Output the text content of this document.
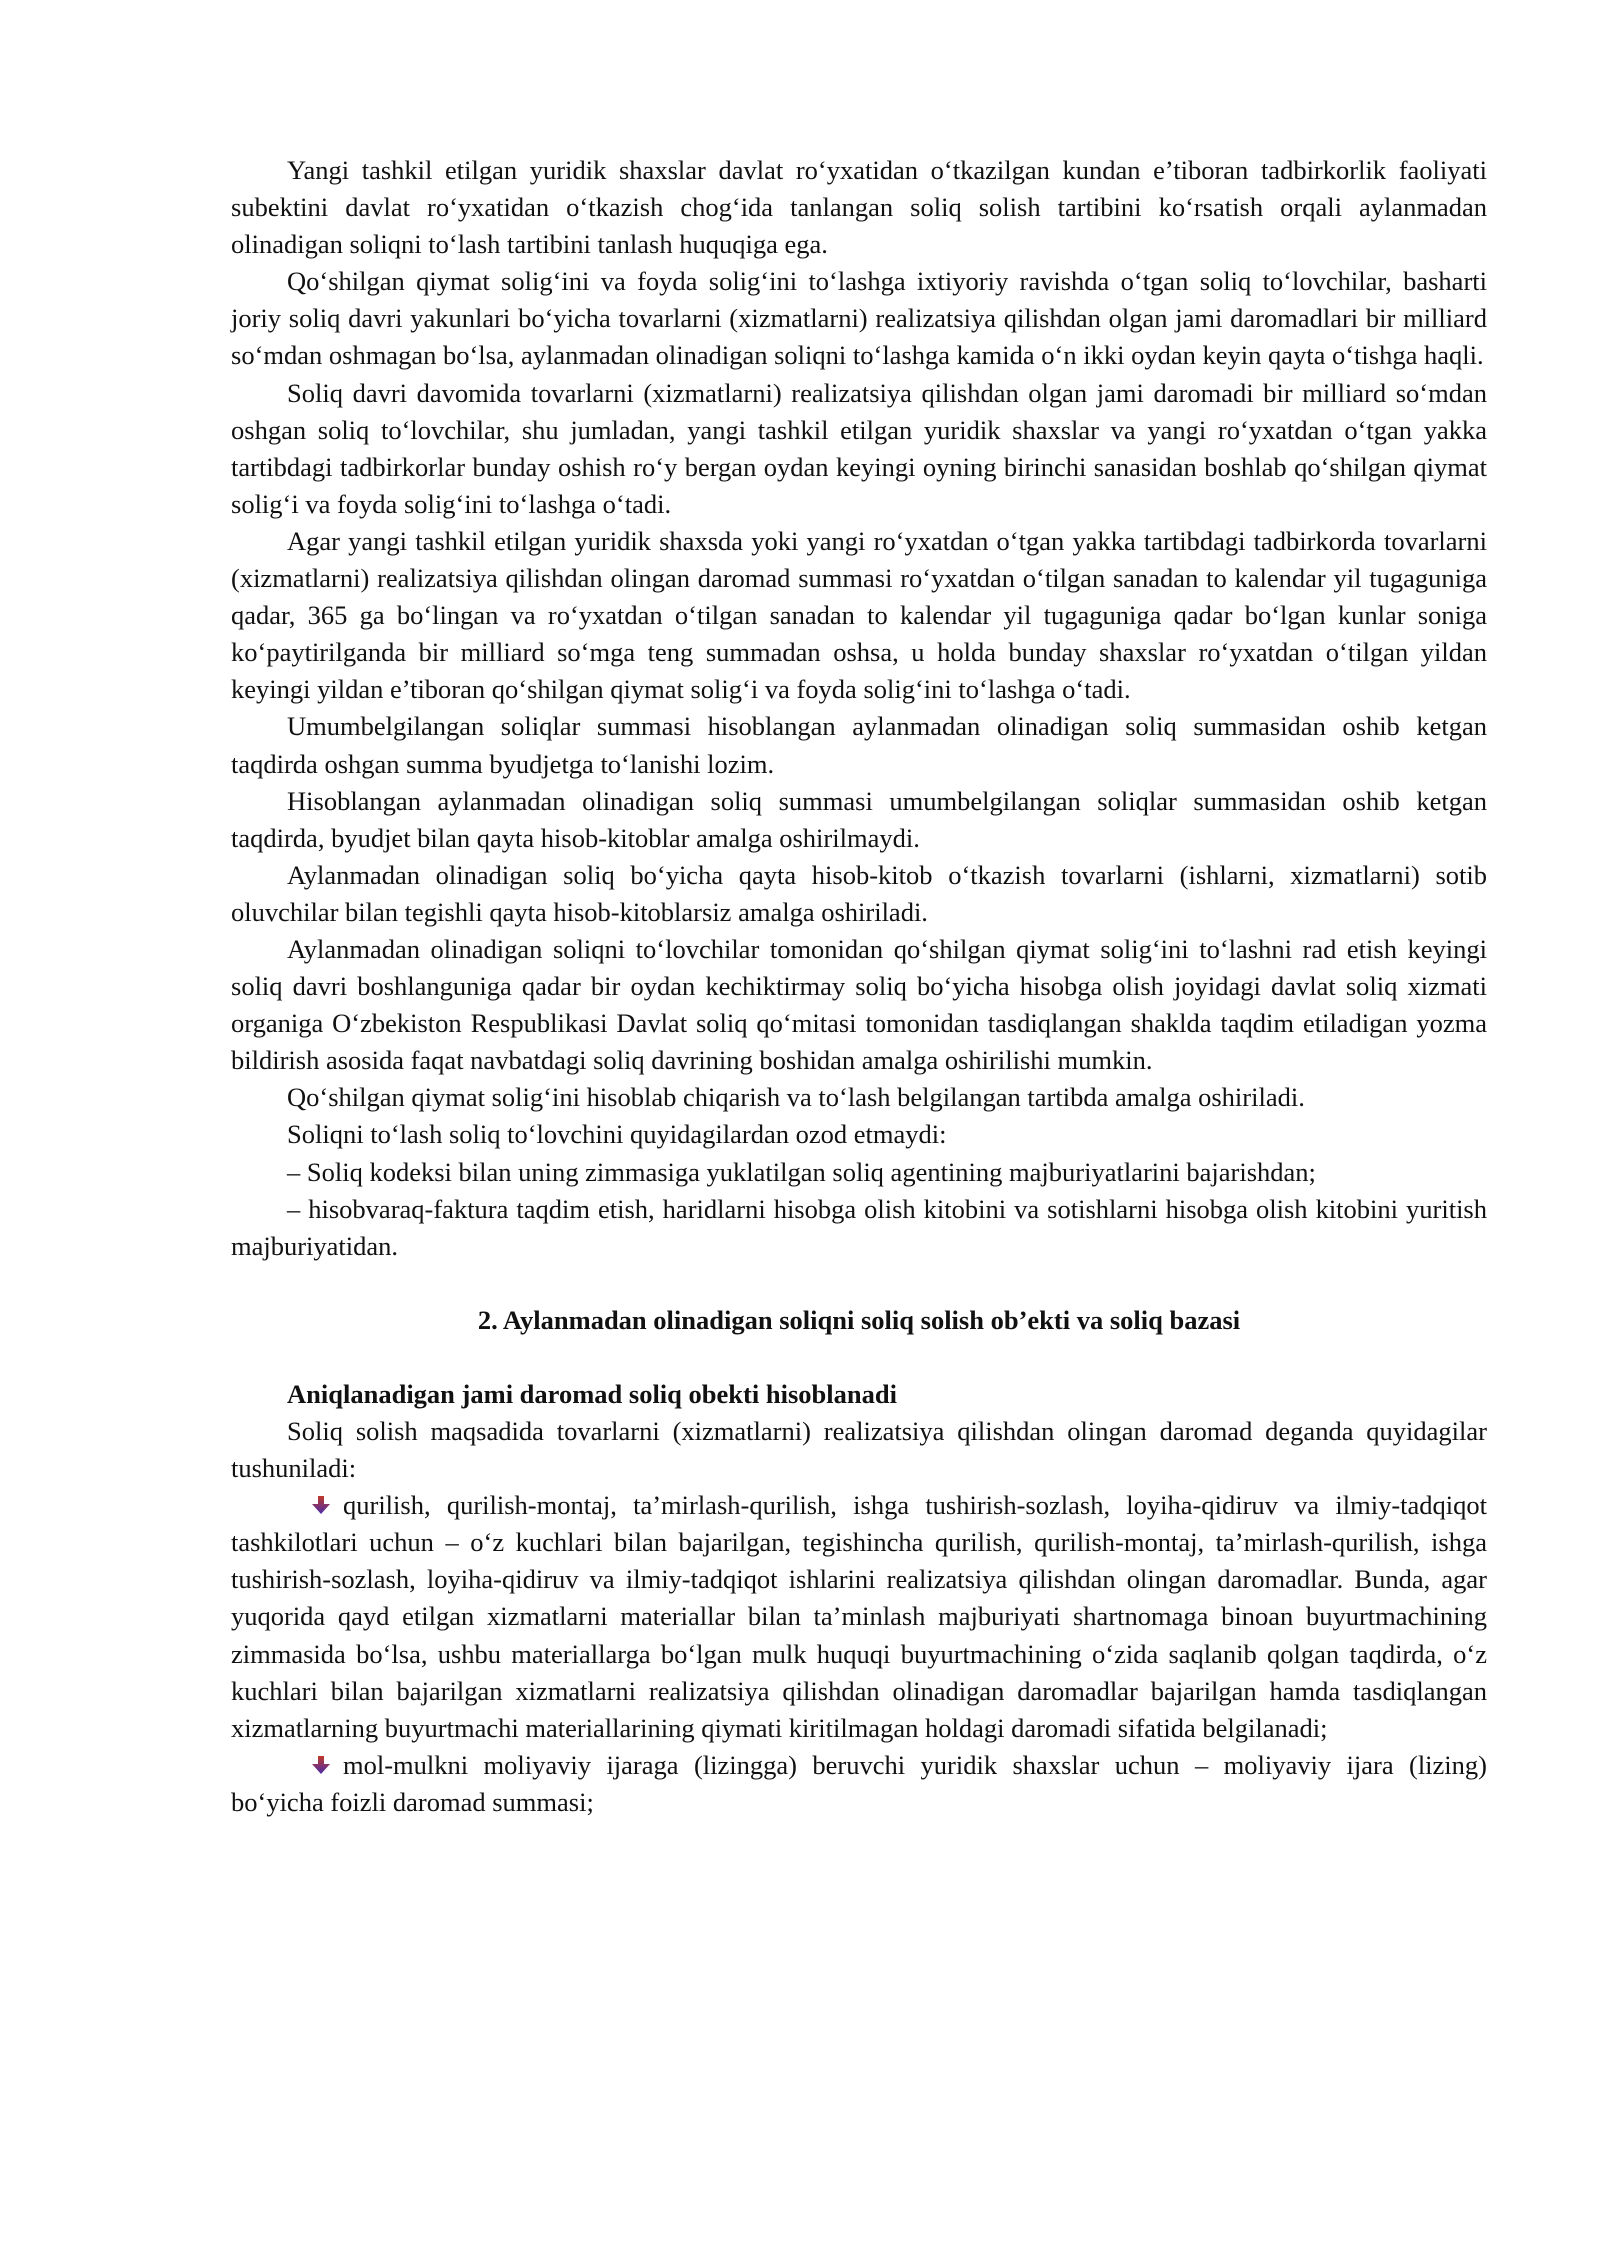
Yangi tashkil etilgan yuridik shaxslar davlat ro‘yxatidan o‘tkazilgan kundan e’tiboran tadbirkorlik faoliyati subektini davlat ro‘yxatidan o‘tkazish chog‘ida tanlangan soliq solish tartibini ko‘rsatish orqali aylanmadan olinadigan soliqni to‘lash tartibini tanlash huquqiga ega.

Qo‘shilgan qiymat solig‘ini va foyda solig‘ini to‘lashga ixtiyoriy ravishda o‘tgan soliq to‘lovchilar, basharti joriy soliq davri yakunlari bo‘yicha tovarlarni (xizmatlarni) realizatsiya qilishdan olgan jami daromadlari bir milliard so‘mdan oshmagan bo‘lsa, aylanmadan olinadigan soliqni to‘lashga kamida o‘n ikki oydan keyin qayta o‘tishga haqli.

Soliq davri davomida tovarlarni (xizmatlarni) realizatsiya qilishdan olgan jami daromadi bir milliard so‘mdan oshgan soliq to‘lovchilar, shu jumladan, yangi tashkil etilgan yuridik shaxslar va yangi ro‘yxatdan o‘tgan yakka tartibdagi tadbirkorlar bunday oshish ro‘y bergan oydan keyingi oyning birinchi sanasidan boshlab qo‘shilgan qiymat solig‘i va foyda solig‘ini to‘lashga o‘tadi.

Agar yangi tashkil etilgan yuridik shaxsda yoki yangi ro‘yxatdan o‘tgan yakka tartibdagi tadbirkorda tovarlarni (xizmatlarni) realizatsiya qilishdan olingan daromad summasi ro‘yxatdan o‘tilgan sanadan to kalendar yil tugaguniga qadar, 365 ga bo‘lingan va ro‘yxatdan o‘tilgan sanadan to kalendar yil tugaguniga qadar bo‘lgan kunlar soniga ko‘paytirilganda bir milliard so‘mga teng summadan oshsa, u holda bunday shaxslar ro‘yxatdan o‘tilgan yildan keyingi yildan e’tiboran qo‘shilgan qiymat solig‘i va foyda solig‘ini to‘lashga o‘tadi.

Umumbelgilangan soliqlar summasi hisoblangan aylanmadan olinadigan soliq summasidan oshib ketgan taqdirda oshgan summa byudjetga to‘lanishi lozim.

Hisoblangan aylanmadan olinadigan soliq summasi umumbelgilangan soliqlar summasidan oshib ketgan taqdirda, byudjet bilan qayta hisob-kitoblar amalga oshirilmaydi.

Aylanmadan olinadigan soliq bo‘yicha qayta hisob-kitob o‘tkazish tovarlarni (ishlarni, xizmatlarni) sotib oluvchilar bilan tegishli qayta hisob-kitoblarsiz amalga oshiriladi.

Aylanmadan olinadigan soliqni to‘lovchilar tomonidan qo‘shilgan qiymat solig‘ini to‘lashni rad etish keyingi soliq davri boshlanguniga qadar bir oydan kechiktirmay soliq bo‘yicha hisobga olish joyidagi davlat soliq xizmati organiga O‘zbekiston Respublikasi Davlat soliq qo‘mitasi tomonidan tasdiqlangan shaklda taqdim etiladigan yozma bildirish asosida faqat navbatdagi soliq davrining boshidan amalga oshirilishi mumkin.

Qo‘shilgan qiymat solig‘ini hisoblab chiqarish va to‘lash belgilangan tartibda amalga oshiriladi.

Soliqni to‘lash soliq to‘lovchini quyidagilardan ozod etmaydi:

– Soliq kodeksi bilan uning zimmasiga yuklatilgan soliq agentining majburiyatlarini bajarishdan;

– hisobvaraq-faktura taqdim etish, haridlarni hisobga olish kitobini va sotishlarni hisobga olish kitobini yuritish majburiyatidan.

2. Aylanmadan olinadigan soliqni soliq solish ob’ekti va soliq bazasi

Aniqlanadigan jami daromad soliq obekti hisoblanadi

Soliq solish maqsadida tovarlarni (xizmatlarni) realizatsiya qilishdan olingan daromad deganda quyidagilar tushuniladi:

qurilish, qurilish-montaj, ta’mirlash-qurilish, ishga tushirish-sozlash, loyiha-qidiruv va ilmiy-tadqiqot tashkilotlari uchun – o‘z kuchlari bilan bajarilgan, tegishincha qurilish, qurilish-montaj, ta’mirlash-qurilish, ishga tushirish-sozlash, loyiha-qidiruv va ilmiy-tadqiqot ishlarini realizatsiya qilishdan olingan daromadlar. Bunda, agar yuqorida qayd etilgan xizmatlarni materiallar bilan ta’minlash majburiyati shartnomaga binoan buyurtmachining zimmasida bo‘lsa, ushbu materiallarga bo‘lgan mulk huquqi buyurtmachining o‘zida saqlanib qolgan taqdirda, o‘z kuchlari bilan bajarilgan xizmatlarni realizatsiya qilishdan olinadigan daromadlar bajarilgan hamda tasdiqlangan xizmatlarning buyurtmachi materiallarining qiymati kiritilmagan holdagi daromadi sifatida belgilanadi;

mol-mulkni moliyaviy ijaraga (lizingga) beruvchi yuridik shaxslar uchun – moliyaviy ijara (lizing) bo‘yicha foizli daromad summasi;
